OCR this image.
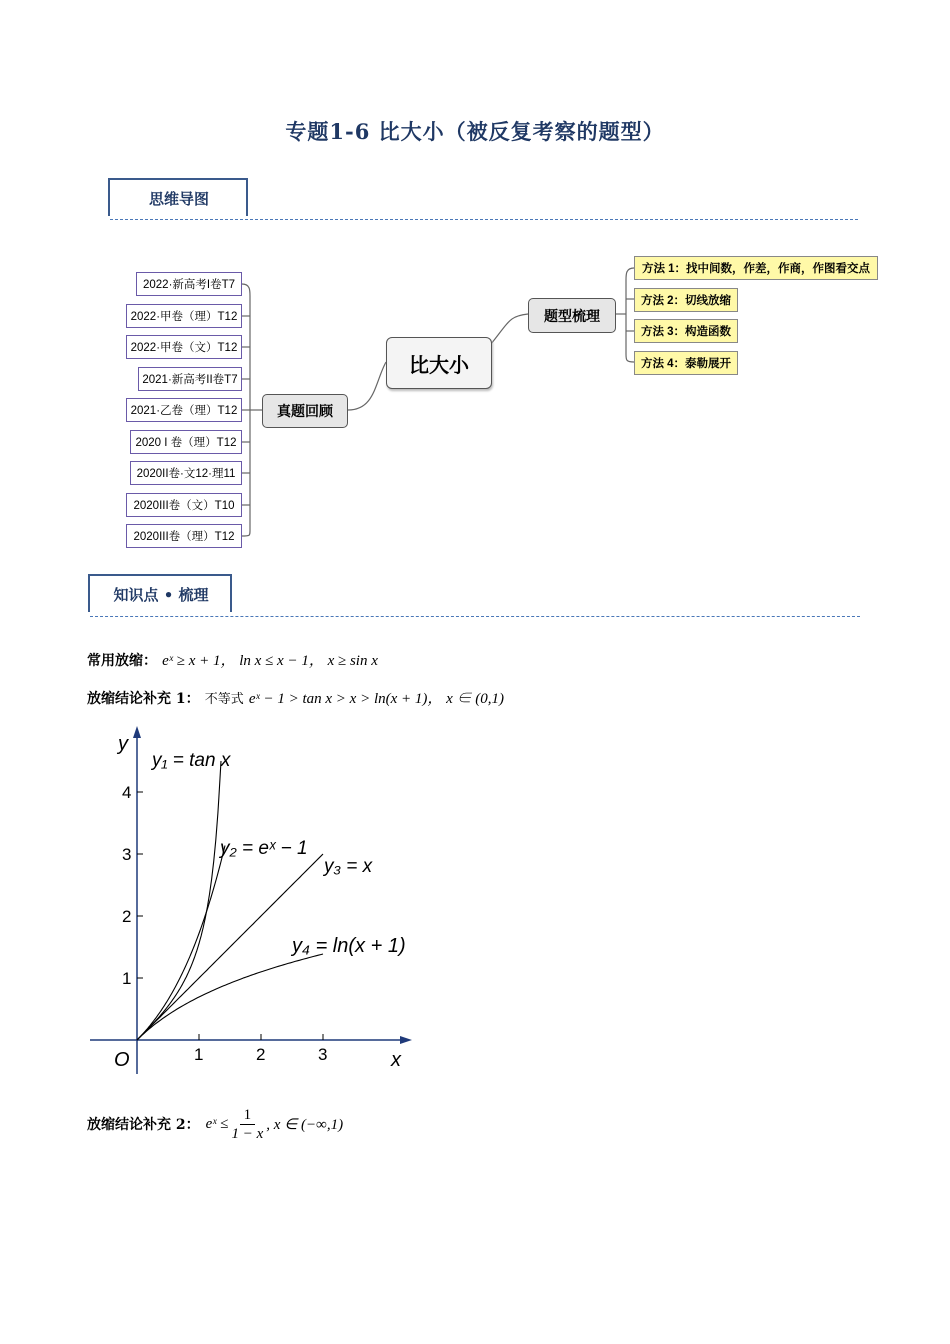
专题1-6 比大小（被反复考察的题型）
思维导图
2022·新高考I卷T7
2022·甲卷（理）T12
2022·甲卷（文）T12
2021·新高考II卷T7
2021·乙卷（理）T12
2020 I 卷（理）T12
2020II卷·文12·理11
2020III卷（文）T10
2020III卷（理）T12
方法 1：找中间数，作差，作商，作图看交点
方法 2：切线放缩
方法 3：构造函数
方法 4：泰勒展开
比大小
真题回顾
题型梳理
知识点 • 梳理
常用放缩： eˣ ≥ x + 1， ln x ≤ x − 1， x ≥ sin x
放缩结论补充 1： 不等式 eˣ − 1 > tan x > x > ln(x + 1)， x ∈ (0,1)
1	2	3
1
2
3
4
x
y
O
y₁ = tan x
y₂ = eˣ − 1
y₃ = x
y₄ = ln(x + 1)
放缩结论补充 2： eˣ ≤ $\frac{1}{1 - x}$ , x ∈ (−∞,1)
